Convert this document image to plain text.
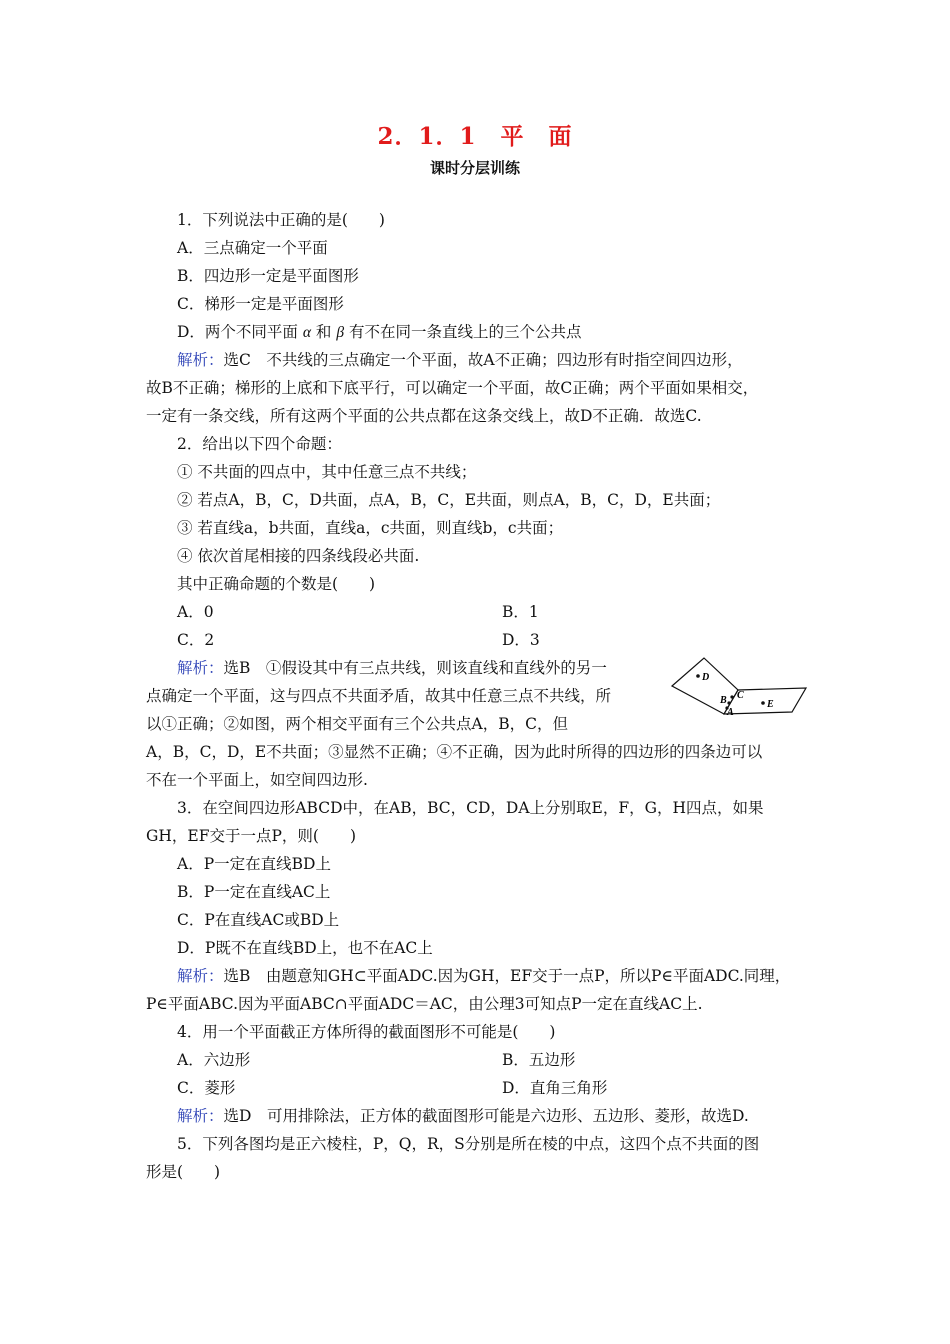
2．1．1　平　面
课时分层训练
1．下列说法中正确的是(　　)
A．三点确定一个平面
B．四边形一定是平面图形
C．梯形一定是平面图形
D．两个不同平面 α 和 β 有不在同一条直线上的三个公共点
解析：选C　不共线的三点确定一个平面，故A不正确；四边形有时指空间四边形，
故B不正确；梯形的上底和下底平行，可以确定一个平面，故C正确；两个平面如果相交，
一定有一条交线，所有这两个平面的公共点都在这条交线上，故D不正确．故选C.
2．给出以下四个命题：
① 不共面的四点中，其中任意三点不共线；
② 若点A，B，C，D共面，点A，B，C，E共面，则点A，B，C，D，E共面；
③ 若直线a，b共面，直线a，c共面，则直线b，c共面；
④ 依次首尾相接的四条线段必共面.
其中正确命题的个数是(　　)
A．0	B．1
C．2	D．3
解析：选B　①假设其中有三点共线，则该直线和直线外的另一
点确定一个平面，这与四点不共面矛盾，故其中任意三点不共线，所
以①正确；②如图，两个相交平面有三个公共点A，B，C，但
A，B，C，D，E不共面；③显然不正确；④不正确，因为此时所得的四边形的四条边可以
不在一个平面上，如空间四边形.
D
C
B
A
E
3．在空间四边形ABCD中，在AB，BC，CD，DA上分别取E，F，G，H四点，如果
GH，EF交于一点P，则(　　)
A．P一定在直线BD上
B．P一定在直线AC上
C．P在直线AC或BD上
D．P既不在直线BD上，也不在AC上
解析：选B　由题意知GH⊂平面ADC.因为GH，EF交于一点P，所以P∈平面ADC.同理，
P∈平面ABC.因为平面ABC∩平面ADC＝AC，由公理3可知点P一定在直线AC上.
4．用一个平面截正方体所得的截面图形不可能是(　　)
A．六边形	B．五边形
C．菱形	D．直角三角形
解析：选D　可用排除法，正方体的截面图形可能是六边形、五边形、菱形，故选D.
5．下列各图均是正六棱柱，P，Q，R，S分别是所在棱的中点，这四个点不共面的图
形是(　　)
